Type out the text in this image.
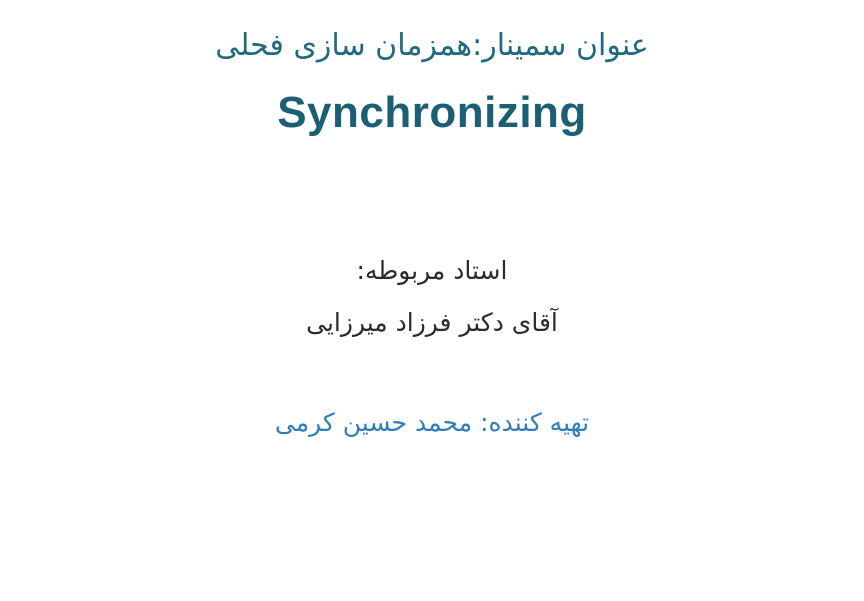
عنوان سمینار:همزمان سازی فحلی
Synchronizing
استاد مربوطه:
آقای دکتر فرزاد میرزایی
تهیه کننده: محمد حسین کرمی
